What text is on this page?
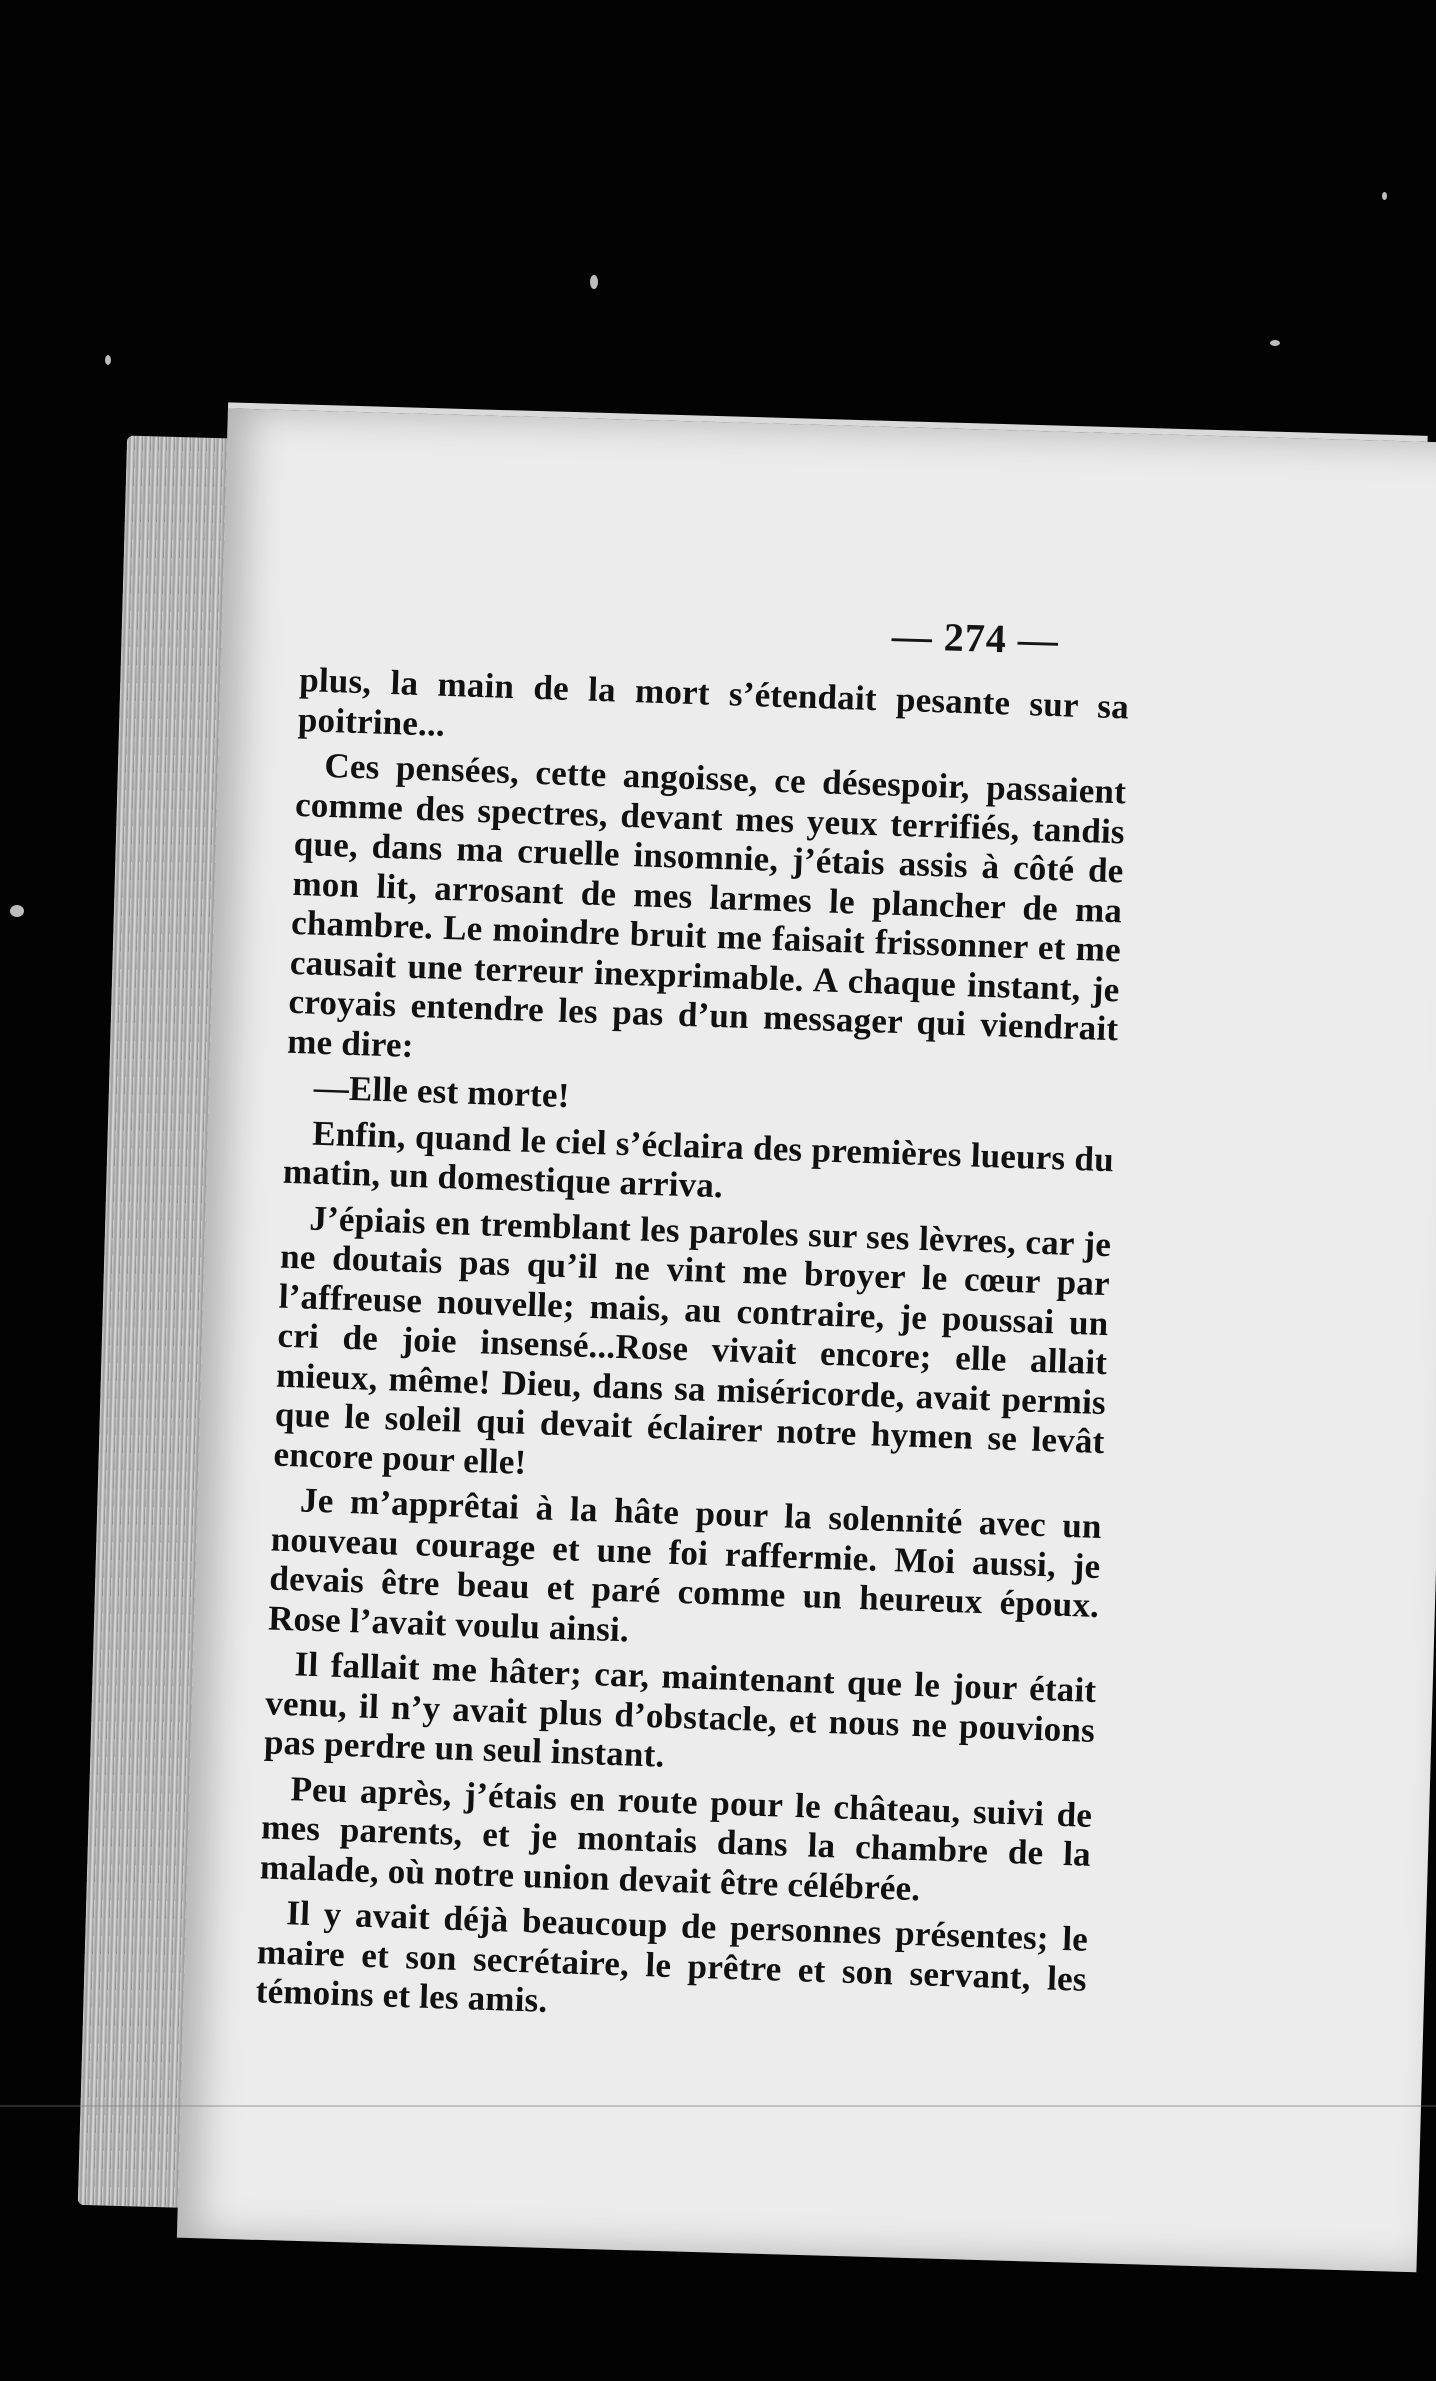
— 274 —

plus, la main de la mort s’étendait pesante sur sa poitrine...

Ces pensées, cette angoisse, ce désespoir, passaient comme des spectres, devant mes yeux terrifiés, tandis que, dans ma cruelle insomnie, j’étais assis à côté de mon lit, arrosant de mes larmes le plancher de ma chambre. Le moindre bruit me faisait frissonner et me causait une terreur inexprimable. A chaque instant, je croyais entendre les pas d’un messager qui viendrait me dire:

—Elle est morte!

Enfin, quand le ciel s’éclaira des premières lueurs du matin, un domestique arriva.

J’épiais en tremblant les paroles sur ses lèvres, car je ne doutais pas qu’il ne vint me broyer le cœur par l’affreuse nouvelle; mais, au contraire, je poussai un cri de joie insensé...Rose vivait encore; elle allait mieux, même! Dieu, dans sa miséricorde, avait permis que le soleil qui devait éclairer notre hymen se levât encore pour elle!

Je m’apprêtai à la hâte pour la solennité avec un nouveau courage et une foi raffermie. Moi aussi, je devais être beau et paré comme un heureux époux. Rose l’avait voulu ainsi.

Il fallait me hâter; car, maintenant que le jour était venu, il n’y avait plus d’obstacle, et nous ne pouvions pas perdre un seul instant.

Peu après, j’étais en route pour le château, suivi de mes parents, et je montais dans la chambre de la malade, où notre union devait être célébrée.

Il y avait déjà beaucoup de personnes présentes; le maire et son secrétaire, le prêtre et son servant, les témoins et les amis.
